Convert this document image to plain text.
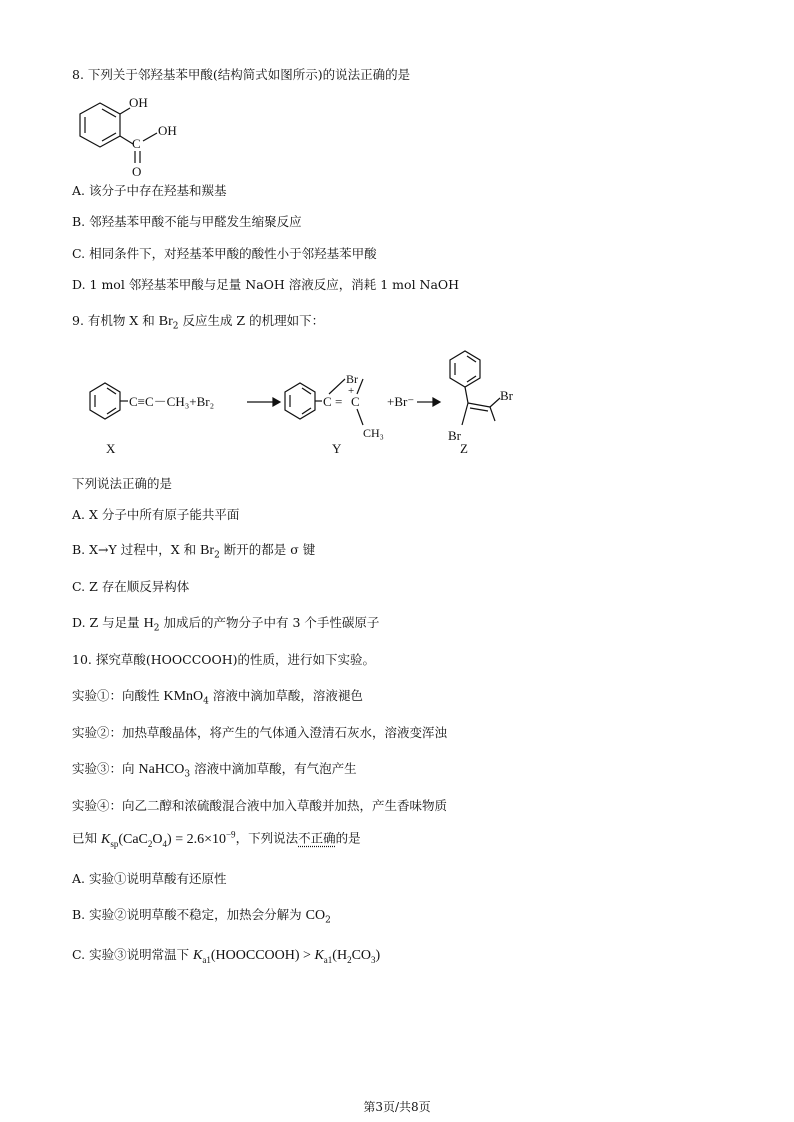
8. 下列关于邻羟基苯甲酸(结构简式如图所示)的说法正确的是
OH
C
OH
O
A. 该分子中存在羟基和羰基
B. 邻羟基苯甲酸不能与甲醛发生缩聚反应
C. 相同条件下，对羟基苯甲酸的酸性小于邻羟基苯甲酸
D. 1 mol 邻羟基苯甲酸与足量 NaOH 溶液反应，消耗 1 mol NaOH
9. 有机物 X 和 $Br_2$ 反应生成 Z 的机理如下：
C≡C－CH₃+Br₂
X
C = C
Br
+
CH₃
Y
+Br⁻	Br
Br
Z
下列说法正确的是
A. X 分子中所有原子能共平面
B. X→Y 过程中，X 和 $Br_2$ 断开的都是 σ 键
C. Z 存在顺反异构体
D. Z 与足量 $H_2$ 加成后的产物分子中有 3 个手性碳原子
10. 探究草酸(HOOCCOOH)的性质，进行如下实验。
实验①：向酸性 KMnO$_4$ 溶液中滴加草酸，溶液褪色
实验②：加热草酸晶体，将产生的气体通入澄清石灰水，溶液变浑浊
实验③：向 NaHCO$_3$ 溶液中滴加草酸，有气泡产生
实验④：向乙二醇和浓硫酸混合液中加入草酸并加热，产生香味物质
已知 $K_{sp}(CaC_2O_4) = 2.6\times 10^{-9}$，下列说法不正确的是
A. 实验①说明草酸有还原性
B. 实验②说明草酸不稳定，加热会分解为 $CO_2$
C. 实验③说明常温下 $K_{a1}(HOOCCOOH) > K_{a1}(H_2CO_3)$
第3页/共8页
